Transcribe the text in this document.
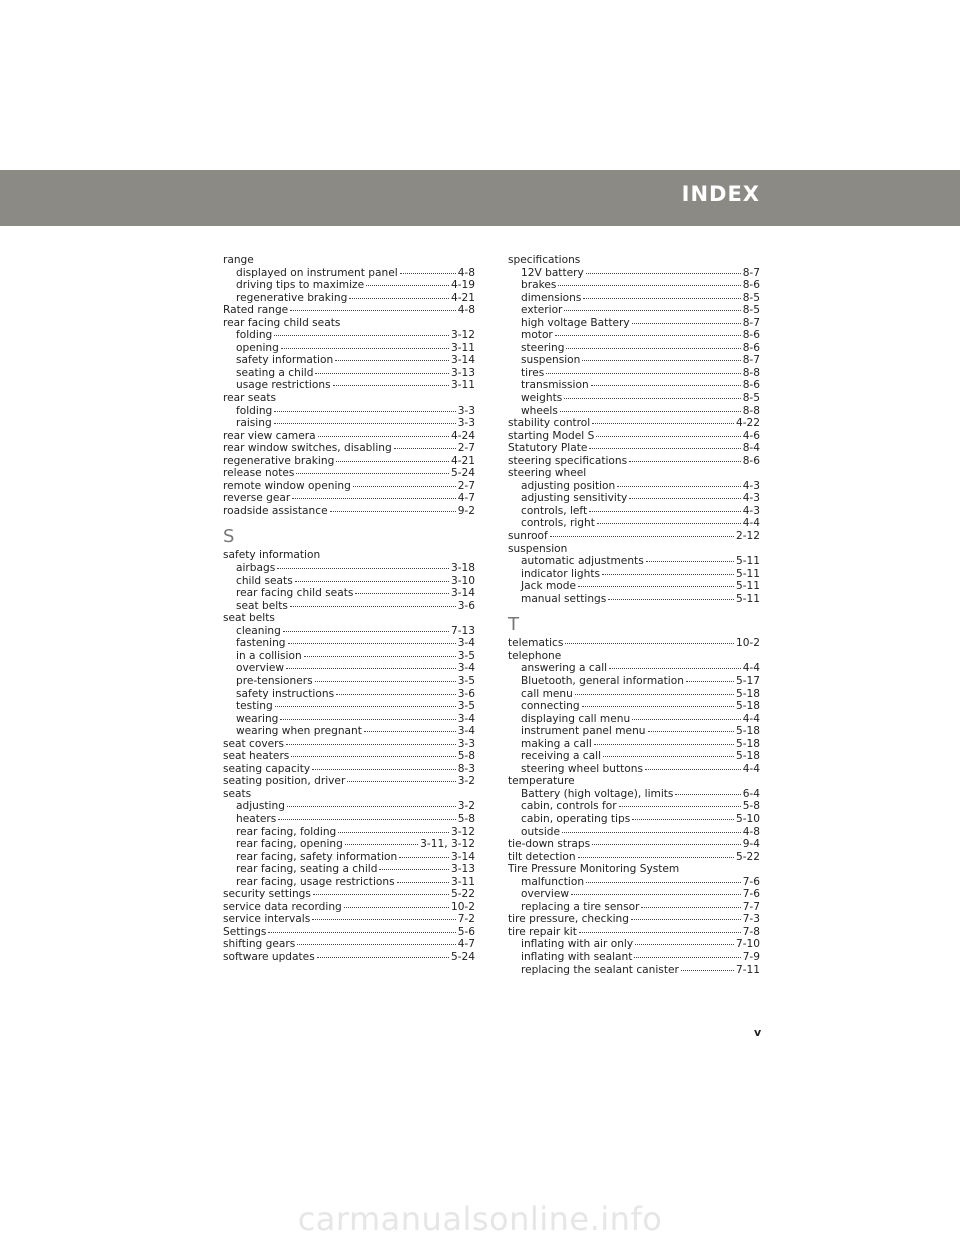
INDEX
range
displayed on instrument panel	4-8
driving tips to maximize	4-19
regenerative braking	4-21
Rated range	4-8
rear facing child seats
folding	3-12
opening	3-11
safety information	3-14
seating a child	3-13
usage restrictions	3-11
rear seats
folding	3-3
raising	3-3
rear view camera	4-24
rear window switches, disabling	2-7
regenerative braking	4-21
release notes	5-24
remote window opening	2-7
reverse gear	4-7
roadside assistance	9-2
S
safety information
airbags	3-18
child seats	3-10
rear facing child seats	3-14
seat belts	3-6
seat belts
cleaning	7-13
fastening	3-4
in a collision	3-5
overview	3-4
pre-tensioners	3-5
safety instructions	3-6
testing	3-5
wearing	3-4
wearing when pregnant	3-4
seat covers	3-3
seat heaters	5-8
seating capacity	8-3
seating position, driver	3-2
seats
adjusting	3-2
heaters	5-8
rear facing, folding	3-12
rear facing, opening	3-11, 3-12
rear facing, safety information	3-14
rear facing, seating a child	3-13
rear facing, usage restrictions	3-11
security settings	5-22
service data recording	10-2
service intervals	7-2
Settings	5-6
shifting gears	4-7
software updates	5-24
specifications
12V battery	8-7
brakes	8-6
dimensions	8-5
exterior	8-5
high voltage Battery	8-7
motor	8-6
steering	8-6
suspension	8-7
tires	8-8
transmission	8-6
weights	8-5
wheels	8-8
stability control	4-22
starting Model S	4-6
Statutory Plate	8-4
steering specifications	8-6
steering wheel
adjusting position	4-3
adjusting sensitivity	4-3
controls, left	4-3
controls, right	4-4
sunroof	2-12
suspension
automatic adjustments	5-11
indicator lights	5-11
Jack mode	5-11
manual settings	5-11
T
telematics	10-2
telephone
answering a call	4-4
Bluetooth, general information	5-17
call menu	5-18
connecting	5-18
displaying call menu	4-4
instrument panel menu	5-18
making a call	5-18
receiving a call	5-18
steering wheel buttons	4-4
temperature
Battery (high voltage), limits	6-4
cabin, controls for	5-8
cabin, operating tips	5-10
outside	4-8
tie-down straps	9-4
tilt detection	5-22
Tire Pressure Monitoring System
malfunction	7-6
overview	7-6
replacing a tire sensor	7-7
tire pressure, checking	7-3
tire repair kit	7-8
inflating with air only	7-10
inflating with sealant	7-9
replacing the sealant canister	7-11
v
carmanualsonline.info
